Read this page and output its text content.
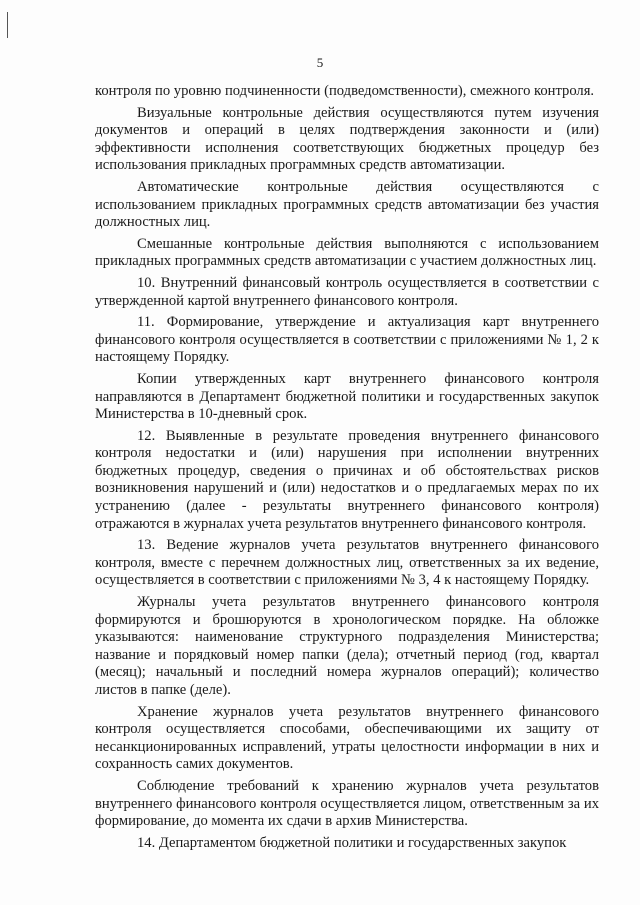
5

контроля по уровню подчиненности (подведомственности), смежного контроля.

Визуальные контрольные действия осуществляются путем изучения документов и операций в целях подтверждения законности и (или) эффективности исполнения соответствующих бюджетных процедур без использования прикладных программных средств автоматизации.

Автоматические контрольные действия осуществляются с использованием прикладных программных средств автоматизации без участия должностных лиц.

Смешанные контрольные действия выполняются с использованием прикладных программных средств автоматизации с участием должностных лиц.

10. Внутренний финансовый контроль осуществляется в соответствии с утвержденной картой внутреннего финансового контроля.

11. Формирование, утверждение и актуализация карт внутреннего финансового контроля осуществляется в соответствии с приложениями № 1, 2 к настоящему Порядку.

Копии утвержденных карт внутреннего финансового контроля направляются в Департамент бюджетной политики и государственных закупок Министерства в 10-дневный срок.

12. Выявленные в результате проведения внутреннего финансового контроля недостатки и (или) нарушения при исполнении внутренних бюджетных процедур, сведения о причинах и об обстоятельствах рисков возникновения нарушений и (или) недостатков и о предлагаемых мерах по их устранению (далее - результаты внутреннего финансового контроля) отражаются в журналах учета результатов внутреннего финансового контроля.

13. Ведение журналов учета результатов внутреннего финансового контроля, вместе с перечнем должностных лиц, ответственных за их ведение, осуществляется в соответствии с приложениями № 3, 4 к настоящему Порядку.

Журналы учета результатов внутреннего финансового контроля формируются и брошюруются в хронологическом порядке. На обложке указываются: наименование структурного подразделения Министерства; название и порядковый номер папки (дела); отчетный период (год, квартал (месяц); начальный и последний номера журналов операций); количество листов в папке (деле).

Хранение журналов учета результатов внутреннего финансового контроля осуществляется способами, обеспечивающими их защиту от несанкционированных исправлений, утраты целостности информации в них и сохранность самих документов.

Соблюдение требований к хранению журналов учета результатов внутреннего финансового контроля осуществляется лицом, ответственным за их формирование, до момента их сдачи в архив Министерства.

14. Департаментом бюджетной политики и государственных закупок
